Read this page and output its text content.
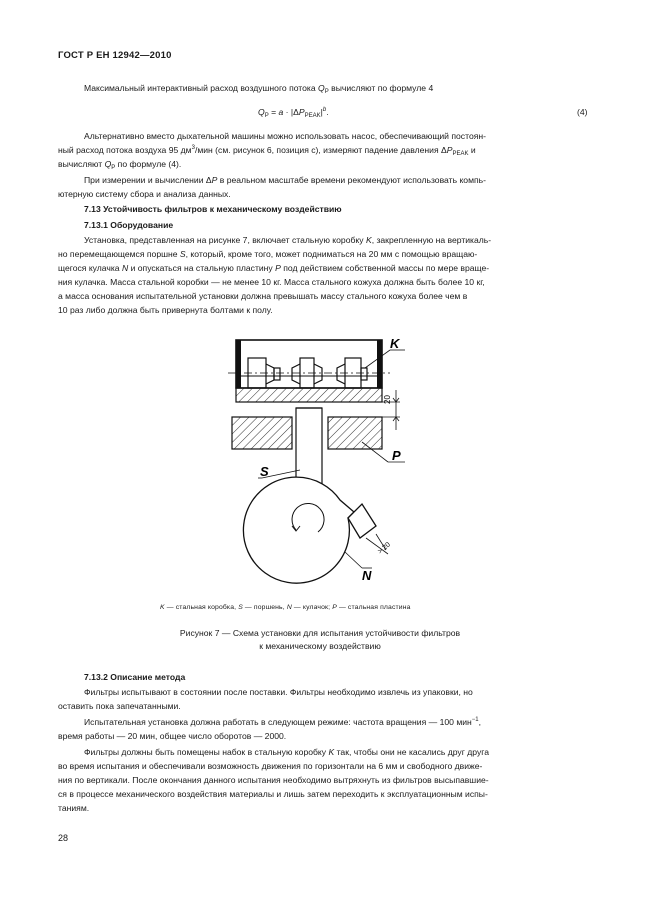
ГОСТ Р ЕН 12942—2010
Максимальный интерактивный расход воздушного потока $Q_P$ вычисляют по формуле 4
$Q_P = a \cdot |\Delta P_{PEAK}|^b$.	(4)
Альтернативно вместо дыхательной машины можно использовать насос, обеспечивающий постоян-
ный расход потока воздуха 95 $дм^3$/мин (см. рисунок 6, позиция с), измеряют падение давления $\Delta P_{PEAK}$ и
вычисляют $Q_P$ по формуле (4).
При измерении и вычислении ΔP в реальном масштабе времени рекомендуют использовать компь-
ютерную систему сбора и анализа данных.
7.13 Устойчивость фильтров к механическому воздействию
7.13.1 Оборудование
Установка, представленная на рисунке 7, включает стальную коробку K, закрепленную на вертикаль-
но перемещающемся поршне S, который, кроме того, может подниматься на 20 мм с помощью вращаю-
щегося кулачка N и опускаться на стальную пластину P под действием собственной массы по мере враще-
ния кулачка. Масса стальной коробки — не менее 10 кг. Масса стального кожуха должна быть более 10 кг,
а масса основания испытательной установки должна превышать массу стального кожуха более чем в
10 раз либо должна быть привернута болтами к полу.
20
> 20
K
P
S
N
K — стальная коробка, S — поршень, N — кулачок; P — стальная пластина
Рисунок 7 — Схема установки для испытания устойчивости фильтров
к механическому воздействию
7.13.2 Описание метода
Фильтры испытывают в состоянии после поставки. Фильтры необходимо извлечь из упаковки, но
оставить пока запечатанными.
Испытательная установка должна работать в следующем режиме: частота вращения — 100 мин$^{-1}$,
время работы — 20 мин, общее число оборотов — 2000.
Фильтры должны быть помещены набок в стальную коробку K так, чтобы они не касались друг друга
во время испытания и обеспечивали возможность движения по горизонтали на 6 мм и свободного движе-
ния по вертикали. После окончания данного испытания необходимо вытряхнуть из фильтров высыпавшие-
ся в процессе механического воздействия материалы и лишь затем переходить к эксплуатационным испы-
таниям.
28
